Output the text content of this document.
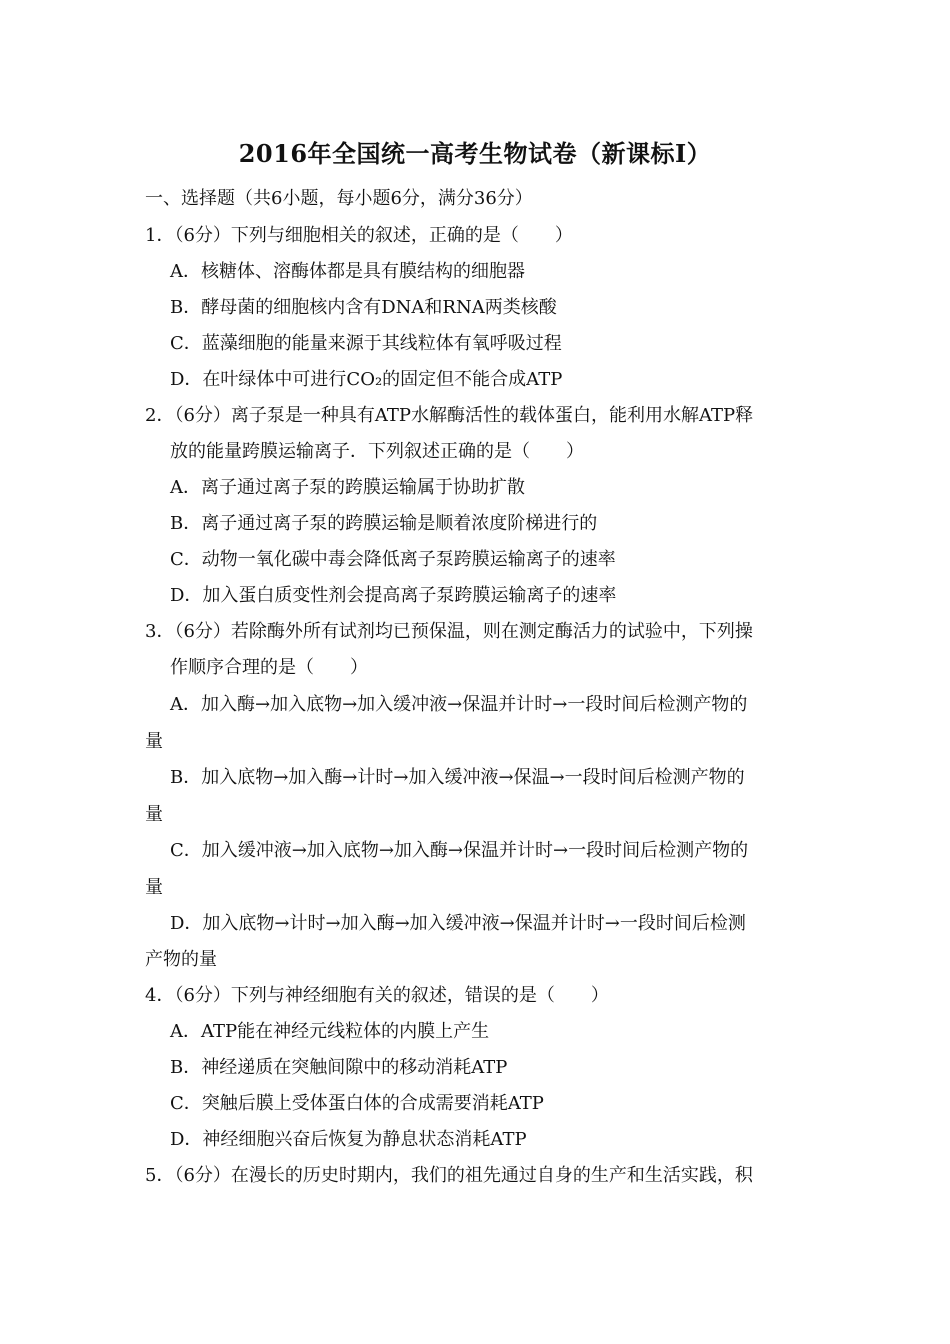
2016年全国统一高考生物试卷（新课标Ⅰ）
一、选择题（共6小题，每小题6分，满分36分）
1．（6分）下列与细胞相关的叙述，正确的是（　　）
A．核糖体、溶酶体都是具有膜结构的细胞器
B．酵母菌的细胞核内含有DNA和RNA两类核酸
C．蓝藻细胞的能量来源于其线粒体有氧呼吸过程
D．在叶绿体中可进行CO₂的固定但不能合成ATP
2．（6分）离子泵是一种具有ATP水解酶活性的载体蛋白，能利用水解ATP释
放的能量跨膜运输离子．下列叙述正确的是（　　）
A．离子通过离子泵的跨膜运输属于协助扩散
B．离子通过离子泵的跨膜运输是顺着浓度阶梯进行的
C．动物一氧化碳中毒会降低离子泵跨膜运输离子的速率
D．加入蛋白质变性剂会提高离子泵跨膜运输离子的速率
3．（6分）若除酶外所有试剂均已预保温，则在测定酶活力的试验中，下列操
作顺序合理的是（　　）
A．加入酶→加入底物→加入缓冲液→保温并计时→一段时间后检测产物的
量
B．加入底物→加入酶→计时→加入缓冲液→保温→一段时间后检测产物的
量
C．加入缓冲液→加入底物→加入酶→保温并计时→一段时间后检测产物的
量
D．加入底物→计时→加入酶→加入缓冲液→保温并计时→一段时间后检测
产物的量
4．（6分）下列与神经细胞有关的叙述，错误的是（　　）
A．ATP能在神经元线粒体的内膜上产生
B．神经递质在突触间隙中的移动消耗ATP
C．突触后膜上受体蛋白体的合成需要消耗ATP
D．神经细胞兴奋后恢复为静息状态消耗ATP
5．（6分）在漫长的历史时期内，我们的祖先通过自身的生产和生活实践，积
